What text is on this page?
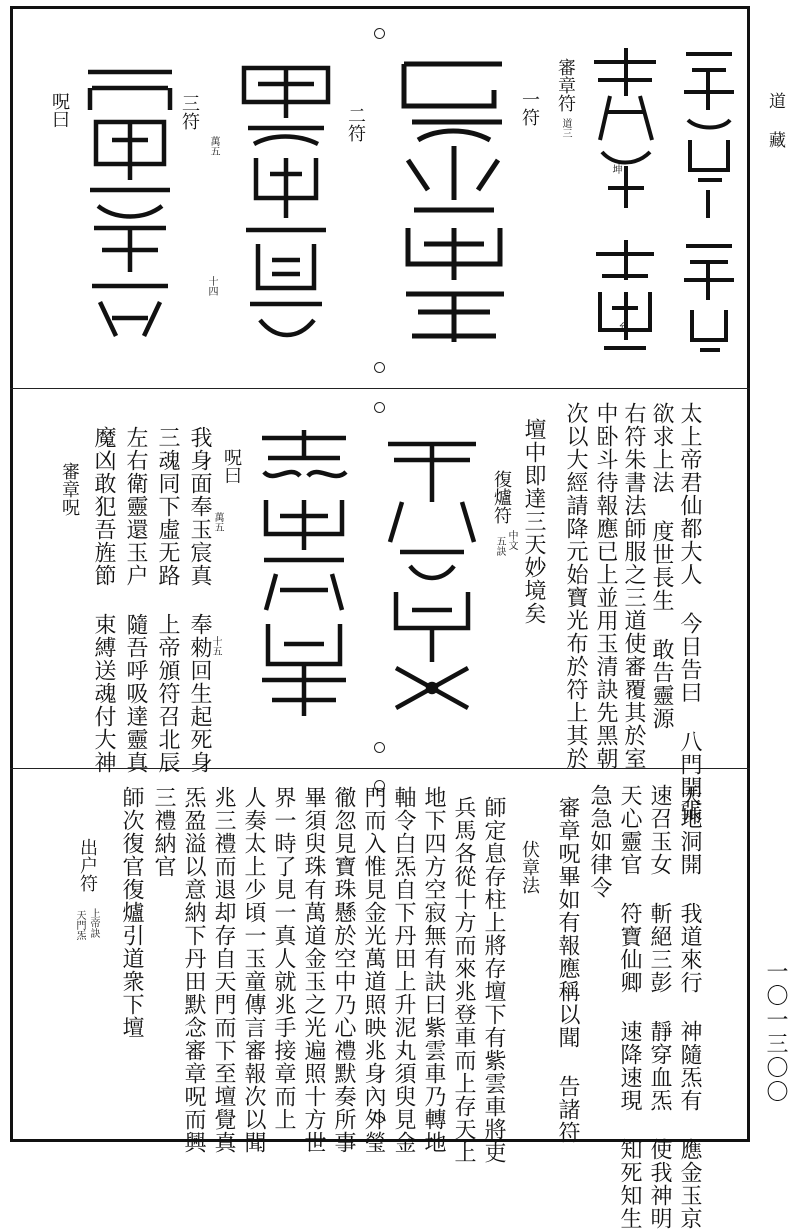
道藏
一〇一三〇〇
坤
允
審章符
道三
一符
二符
三符
萬五
十四
呪曰
太上帝君仙都大人 今日告曰 八門開張
欲求上法 度世長生 敢告靈源
右符朱書法師服之三道使審覆其於室
中卧斗待報應已上並用玉清訣先黑朝
次以大經請降元始寶光布於符上其於
壇中即達三天妙境矣
復爐符
中文
五訣
呪曰
我身面奉玉宸真 奉勑回生起死身
三魂同下虛无路 上帝頒符召北辰
左右衛靈還玉户 隨吾呼吸達靈真
魔凶敢犯吾旌節 束縛送魂付大神	萬五
十五
審章呪
天地洞開 我道來行 神隨炁有 應金玉京
速召玉女 斬絕三彭 靜穿血炁 使我神明
天心靈官 符寶仙卿 速降速現 知死知生
急急如律令
審章呪畢如有報應稱以聞 告諸符
伏章法
師定息存柱上將存壇下有紫雲車將吏
兵馬各從十方而來兆登車而上存天上
地下四方空寂無有訣曰紫雲車乃轉地
軸令白炁自下丹田上升泥丸須臾見金
門而入惟見金光萬道照映兆身內外瑩
徹忽見寶珠懸於空中乃心禮默奏所事
畢須臾珠有萬道金玉之光遍照十方世
界一時了見一真人就兆手接章而上
人奏太上少頃一玉童傳言審報次以聞
兆三禮而退却存自天門而下至壇覺真
炁盈溢以意納下丹田默念審章呪而興
三禮納官
師次復官復爐引道衆下壇
出户符
上帝訣
天門炁
